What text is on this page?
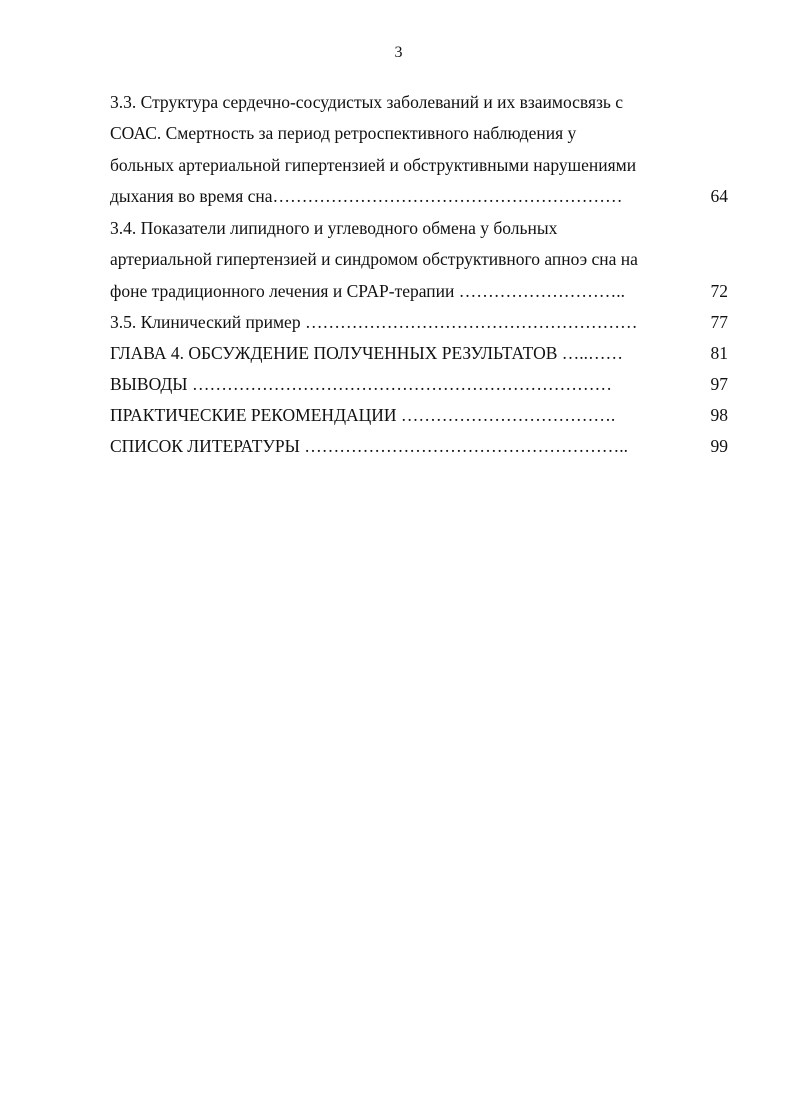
3
3.3. Структура сердечно-сосудистых заболеваний и их взаимосвязь с
СОАС. Смертность за период ретроспективного наблюдения у
больных артериальной гипертензией и обструктивными нарушениями
дыхания во время сна……………………………………………………	64
3.4. Показатели липидного и углеводного обмена у больных
артериальной гипертензией и синдромом обструктивного апноэ сна на
фоне традиционного лечения и CPAP-терапии ………………………..	72
3.5. Клинический пример …………………………………………………	77
ГЛАВА 4. ОБСУЖДЕНИЕ ПОЛУЧЕННЫХ РЕЗУЛЬТАТОВ …..……	81
ВЫВОДЫ ………………………………………………………………	97
ПРАКТИЧЕСКИЕ РЕКОМЕНДАЦИИ ……………………………….	98
СПИСОК ЛИТЕРАТУРЫ ………………………………………………..	99
